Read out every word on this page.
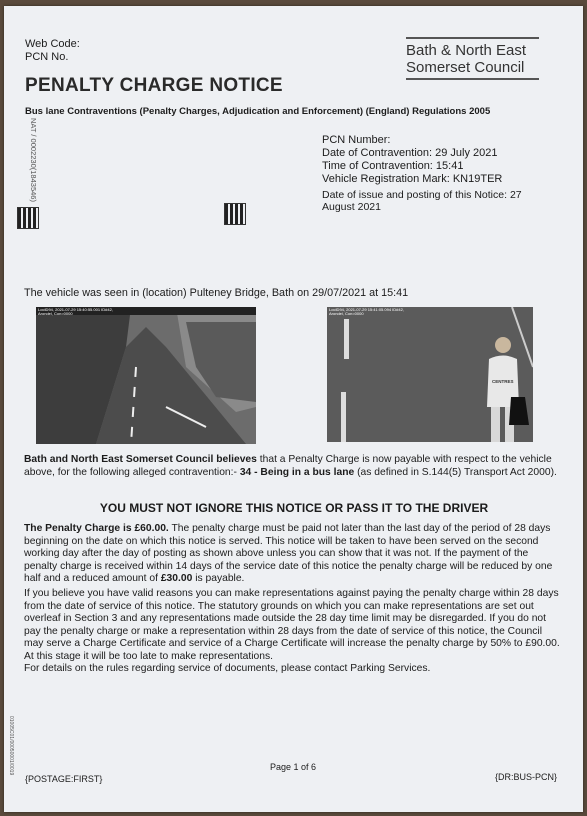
Web Code:
PCN No.
PENALTY CHARGE NOTICE
Bus lane Contraventions (Penalty Charges, Adjudication and Enforcement) (England) Regulations 2005
Bath & North East
Somerset Council
NAT / 0002230(1843546)	PCN Number:
Date of Contravention: 29 July 2021
Time of Contravention: 15:41
Vehicle Registration Mark: KN19TER
Date of issue and posting of this Notice: 27 August 2021
The vehicle was seen in (location) Pulteney Bridge, Bath on 29/07/2021 at 15:41
LocID94, 2021-07-29 15:40:55.001 ID#42, Arondel, Con=0000
LocID94, 2021-07-29 15:41:05.094 ID#42, Arondel, Con=0000
CENTRES
Bath and North East Somerset Council believes that a Penalty Charge is now payable with respect to the vehicle above, for the following alleged contravention:- 34 - Being in a bus lane (as defined in S.144(5) Transport Act 2000).
YOU MUST NOT IGNORE THIS NOTICE OR PASS IT TO THE DRIVER
The Penalty Charge is £60.00. The penalty charge must be paid not later than the last day of the period of 28 days beginning on the date on which this notice is served. This notice will be taken to have been served on the second working day after the day of posting as shown above unless you can show that it was not. If the payment of the penalty charge is received within 14 days of the service date of this notice the penalty charge will be reduced by one half and a reduced amount of £30.00 is payable.
If you believe you have valid reasons you can make representations against paying the penalty charge within 28 days from the date of service of this notice. The statutory grounds on which you can make representations are set out overleaf in Section 3 and any representations made outside the 28 day time limit may be disregarded. If you do not pay the penalty charge or make a representation within 28 days from the date of service of this notice, the Council may serve a Charge Certificate and service of a Charge Certificate will increase the penalty charge by 50% to £90.00. At this stage it will be too late to make representations.
For details on the rules regarding service of documents, please contact Parking Services.
01005C01/00050001/0019
{POSTAGE:FIRST}
Page 1 of 6
{DR:BUS-PCN}
